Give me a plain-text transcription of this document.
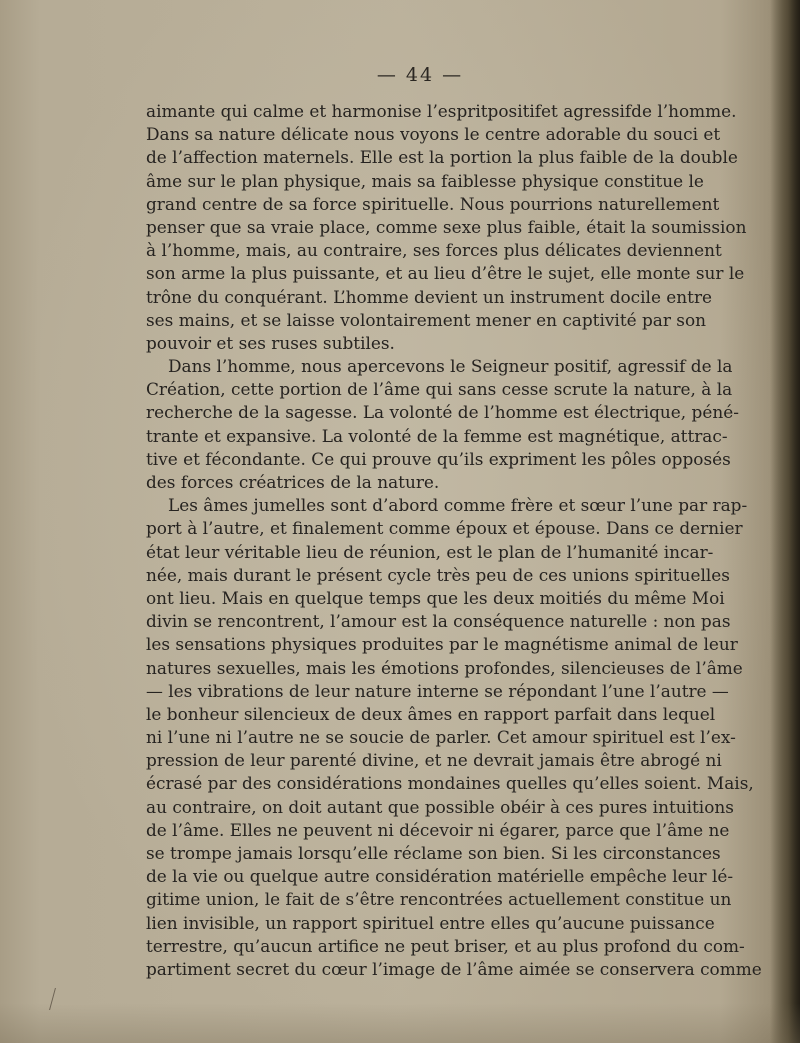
— 44 —
aimante qui calme et harmonise l’espritpositifet agressifde l’homme.
Dans sa nature délicate nous voyons le centre adorable du souci et
de l’affection maternels. Elle est la portion la plus faible de la double
âme sur le plan physique, mais sa faiblesse physique constitue le
grand centre de sa force spirituelle. Nous pourrions naturellement
penser que sa vraie place, comme sexe plus faible, était la soumission
à l’homme, mais, au contraire, ses forces plus délicates deviennent
son arme la plus puissante, et au lieu d’être le sujet, elle monte sur le
trône du conquérant. L’homme devient un instrument docile entre
ses mains, et se laisse volontairement mener en captivité par son
pouvoir et ses ruses subtiles.
Dans l’homme, nous apercevons le Seigneur positif, agressif de la
Création, cette portion de l’âme qui sans cesse scrute la nature, à la
recherche de la sagesse. La volonté de l’homme est électrique, péné-
trante et expansive. La volonté de la femme est magnétique, attrac-
tive et fécondante. Ce qui prouve qu’ils expriment les pôles opposés
des forces créatrices de la nature.
Les âmes jumelles sont d’abord comme frère et sœur l’une par rap-
port à l’autre, et finalement comme époux et épouse. Dans ce dernier
état leur véritable lieu de réunion, est le plan de l’humanité incar-
née, mais durant le présent cycle très peu de ces unions spirituelles
ont lieu. Mais en quelque temps que les deux moitiés du même Moi
divin se rencontrent, l’amour est la conséquence naturelle : non pas
les sensations physiques produites par le magnétisme animal de leur
natures sexuelles, mais les émotions profondes, silencieuses de l’âme
— les vibrations de leur nature interne se répondant l’une l’autre —
le bonheur silencieux de deux âmes en rapport parfait dans lequel
ni l’une ni l’autre ne se soucie de parler. Cet amour spirituel est l’ex-
pression de leur parenté divine, et ne devrait jamais être abrogé ni
écrasé par des considérations mondaines quelles qu’elles soient. Mais,
au contraire, on doit autant que possible obéir à ces pures intuitions
de l’âme. Elles ne peuvent ni décevoir ni égarer, parce que l’âme ne
se trompe jamais lorsqu’elle réclame son bien. Si les circonstances
de la vie ou quelque autre considération matérielle empêche leur lé-
gitime union, le fait de s’être rencontrées actuellement constitue un
lien invisible, un rapport spirituel entre elles qu’aucune puissance
terrestre, qu’aucun artifice ne peut briser, et au plus profond du com-
partiment secret du cœur l’image de l’âme aimée se conservera comme
